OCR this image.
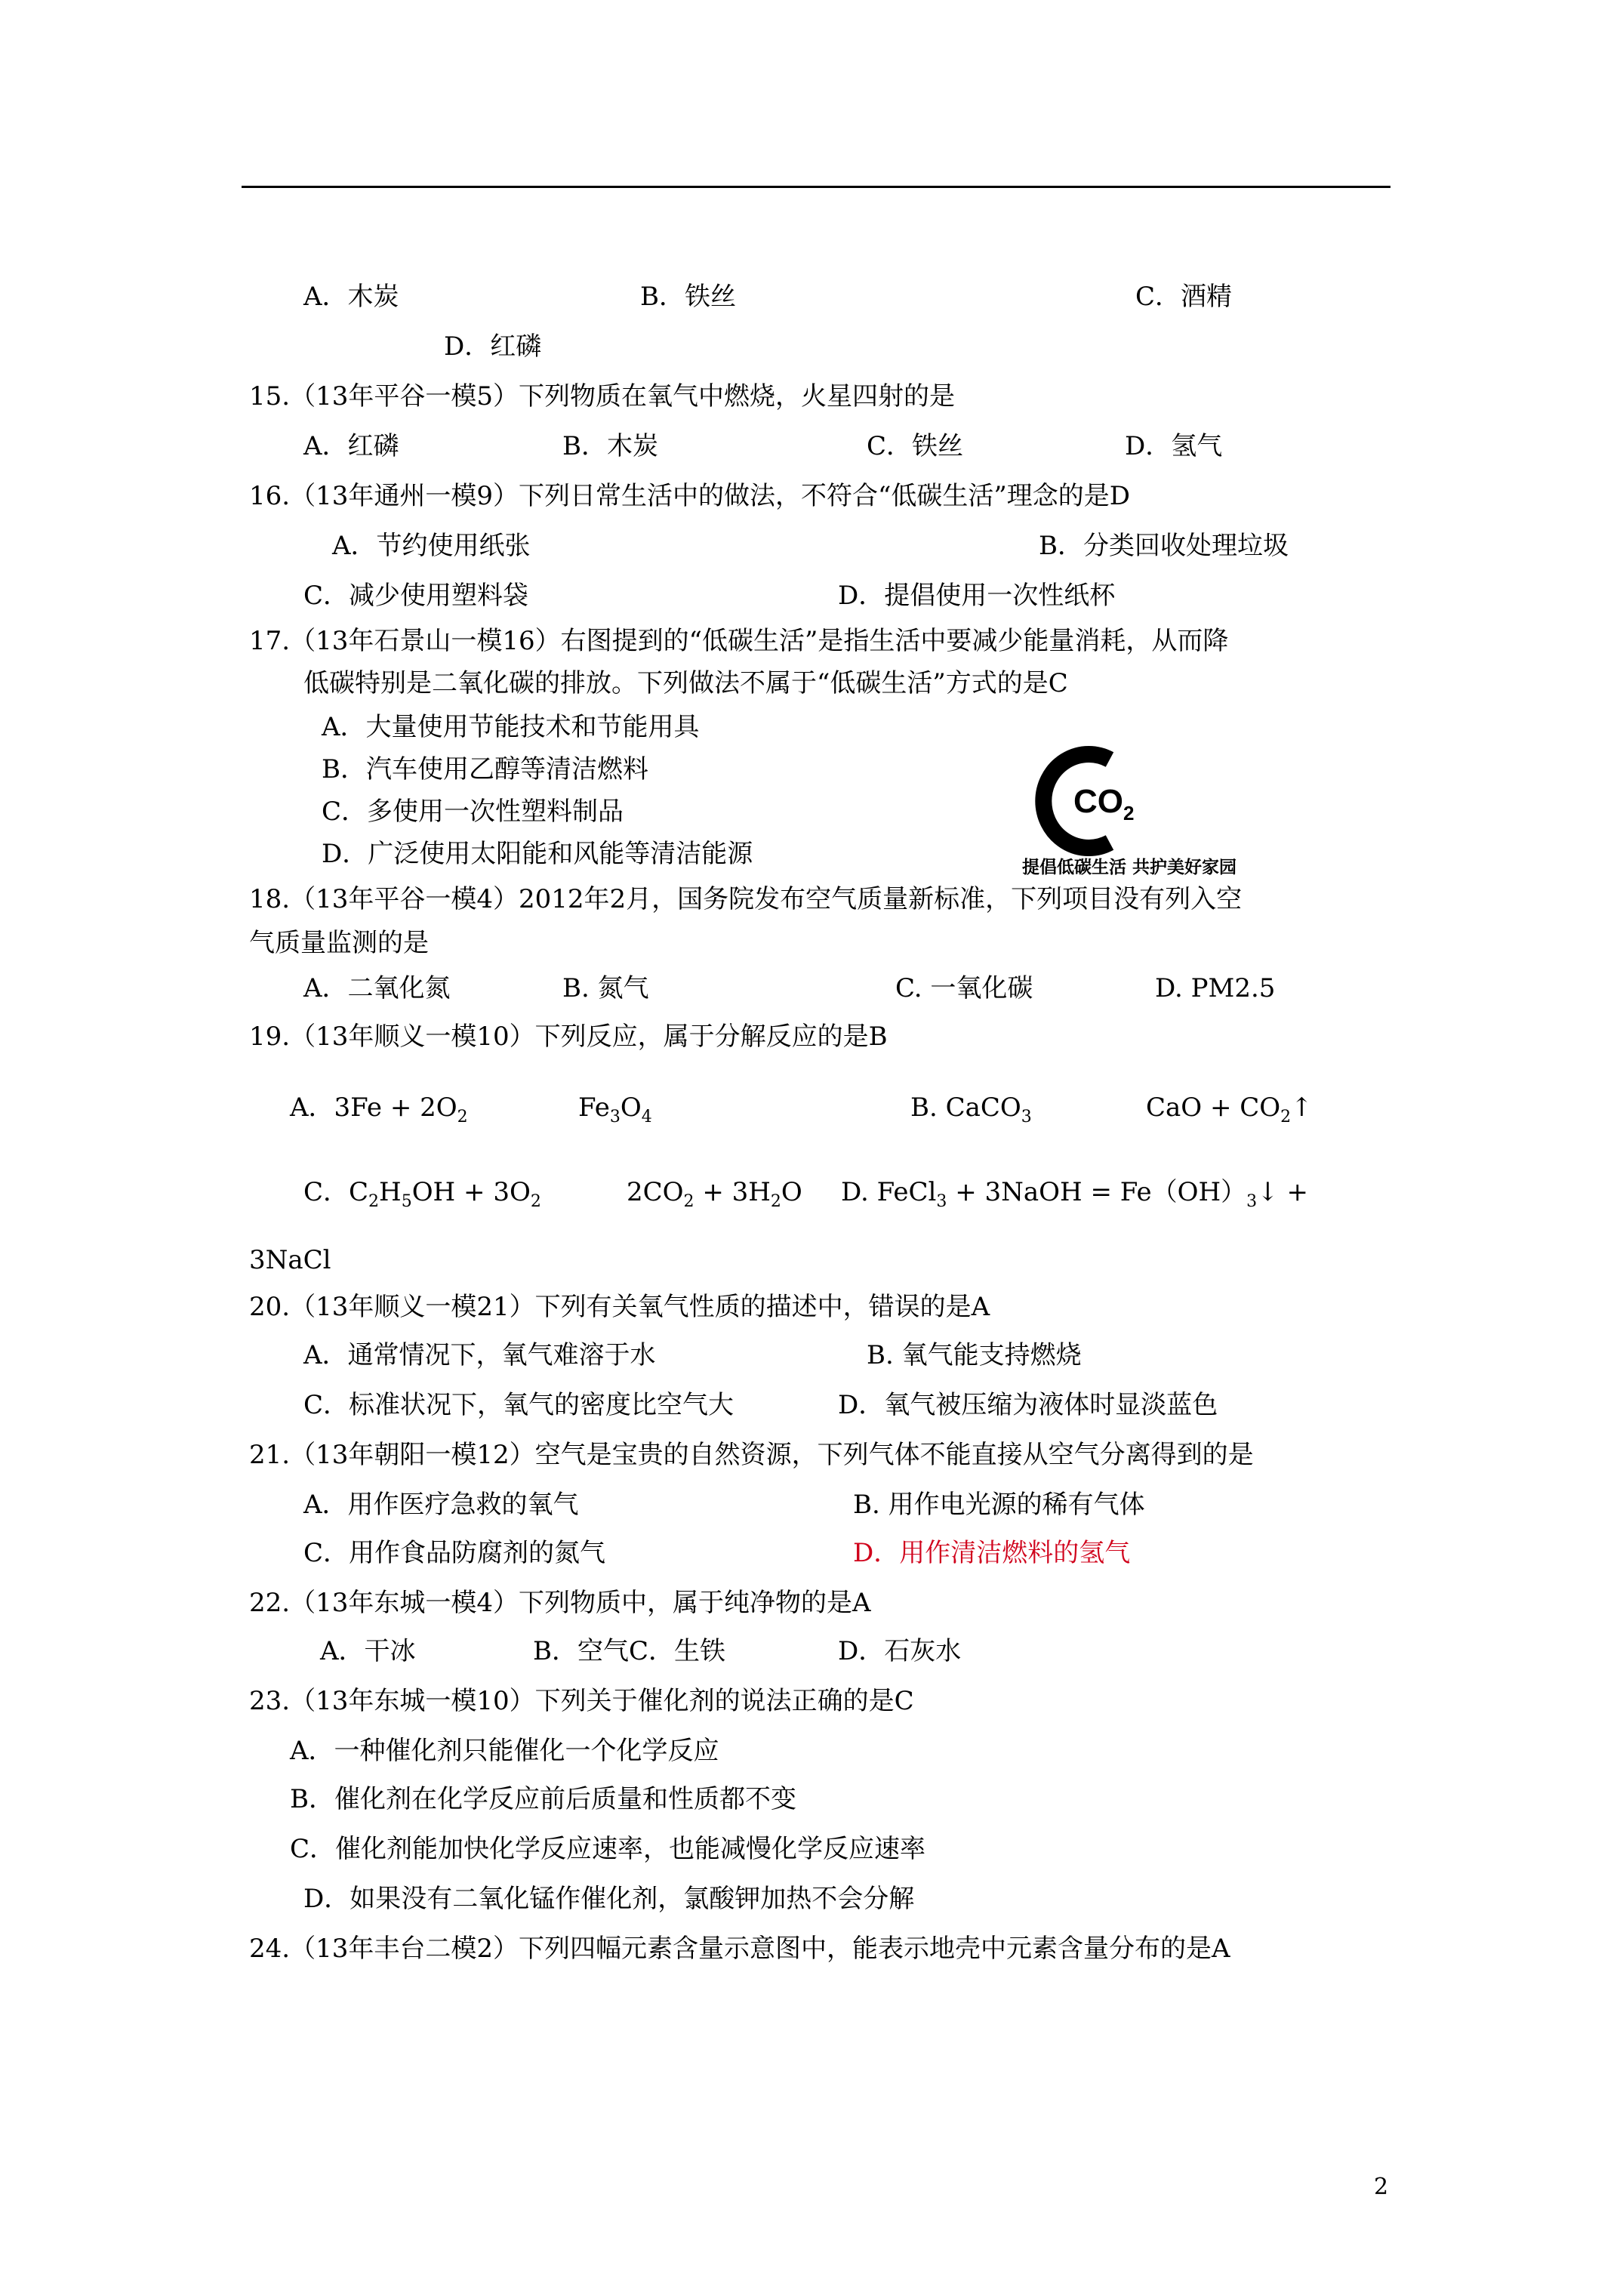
A．木炭	B．铁丝	C．酒精
D．红磷
15.（13年平谷一模5）下列物质在氧气中燃烧，火星四射的是
A．红磷	B．木炭	C．铁丝	D．氢气
16.（13年通州一模9）下列日常生活中的做法，不符合“低碳生活”理念的是D
A．节约使用纸张	B．分类回收处理垃圾
C．减少使用塑料袋	D．提倡使用一次性纸杯
17.（13年石景山一模16）右图提到的“低碳生活”是指生活中要减少能量消耗，从而降
低碳特别是二氧化碳的排放。下列做法不属于“低碳生活”方式的是C
A．大量使用节能技术和节能用具
B．汽车使用乙醇等清洁燃料
C．多使用一次性塑料制品
D．广泛使用太阳能和风能等清洁能源
CO 2
提倡低碳生活 共护美好家园
18.（13年平谷一模4）2012年2月，国务院发布空气质量新标准，下列项目没有列入空
气质量监测的是
A．二氧化氮	B. 氮气	C. 一氧化碳	D. PM2.5
19.（13年顺义一模10）下列反应，属于分解反应的是B
A．$3Fe + 2O_2$	$Fe_3O_4$	B. CaCO$_3$	CaO + $CO_2↑$
C．$C_2H_5OH + 3O_2$	$2CO_2 + 3H_2O$ D. FeCl$_3$ + 3NaOH = $Fe(OH)_3↓$ +
3NaCl
20.（13年顺义一模21）下列有关氧气性质的描述中，错误的是A
A．通常情况下，氧气难溶于水	B. 氧气能支持燃烧
C．标准状况下，氧气的密度比空气大	D．氧气被压缩为液体时显淡蓝色
21.（13年朝阳一模12）空气是宝贵的自然资源，下列气体不能直接从空气分离得到的是
A．用作医疗急救的氧气	B. 用作电光源的稀有气体
C．用作食品防腐剂的氮气	D．用作清洁燃料的氢气
22.（13年东城一模4）下列物质中，属于纯净物的是A
A．干冰	B．空气C．生铁	D．石灰水
23.（13年东城一模10）下列关于催化剂的说法正确的是C
A．一种催化剂只能催化一个化学反应
B．催化剂在化学反应前后质量和性质都不变
C．催化剂能加快化学反应速率，也能减慢化学反应速率
D．如果没有二氧化锰作催化剂，氯酸钾加热不会分解
24.（13年丰台二模2）下列四幅元素含量示意图中，能表示地壳中元素含量分布的是A
2
